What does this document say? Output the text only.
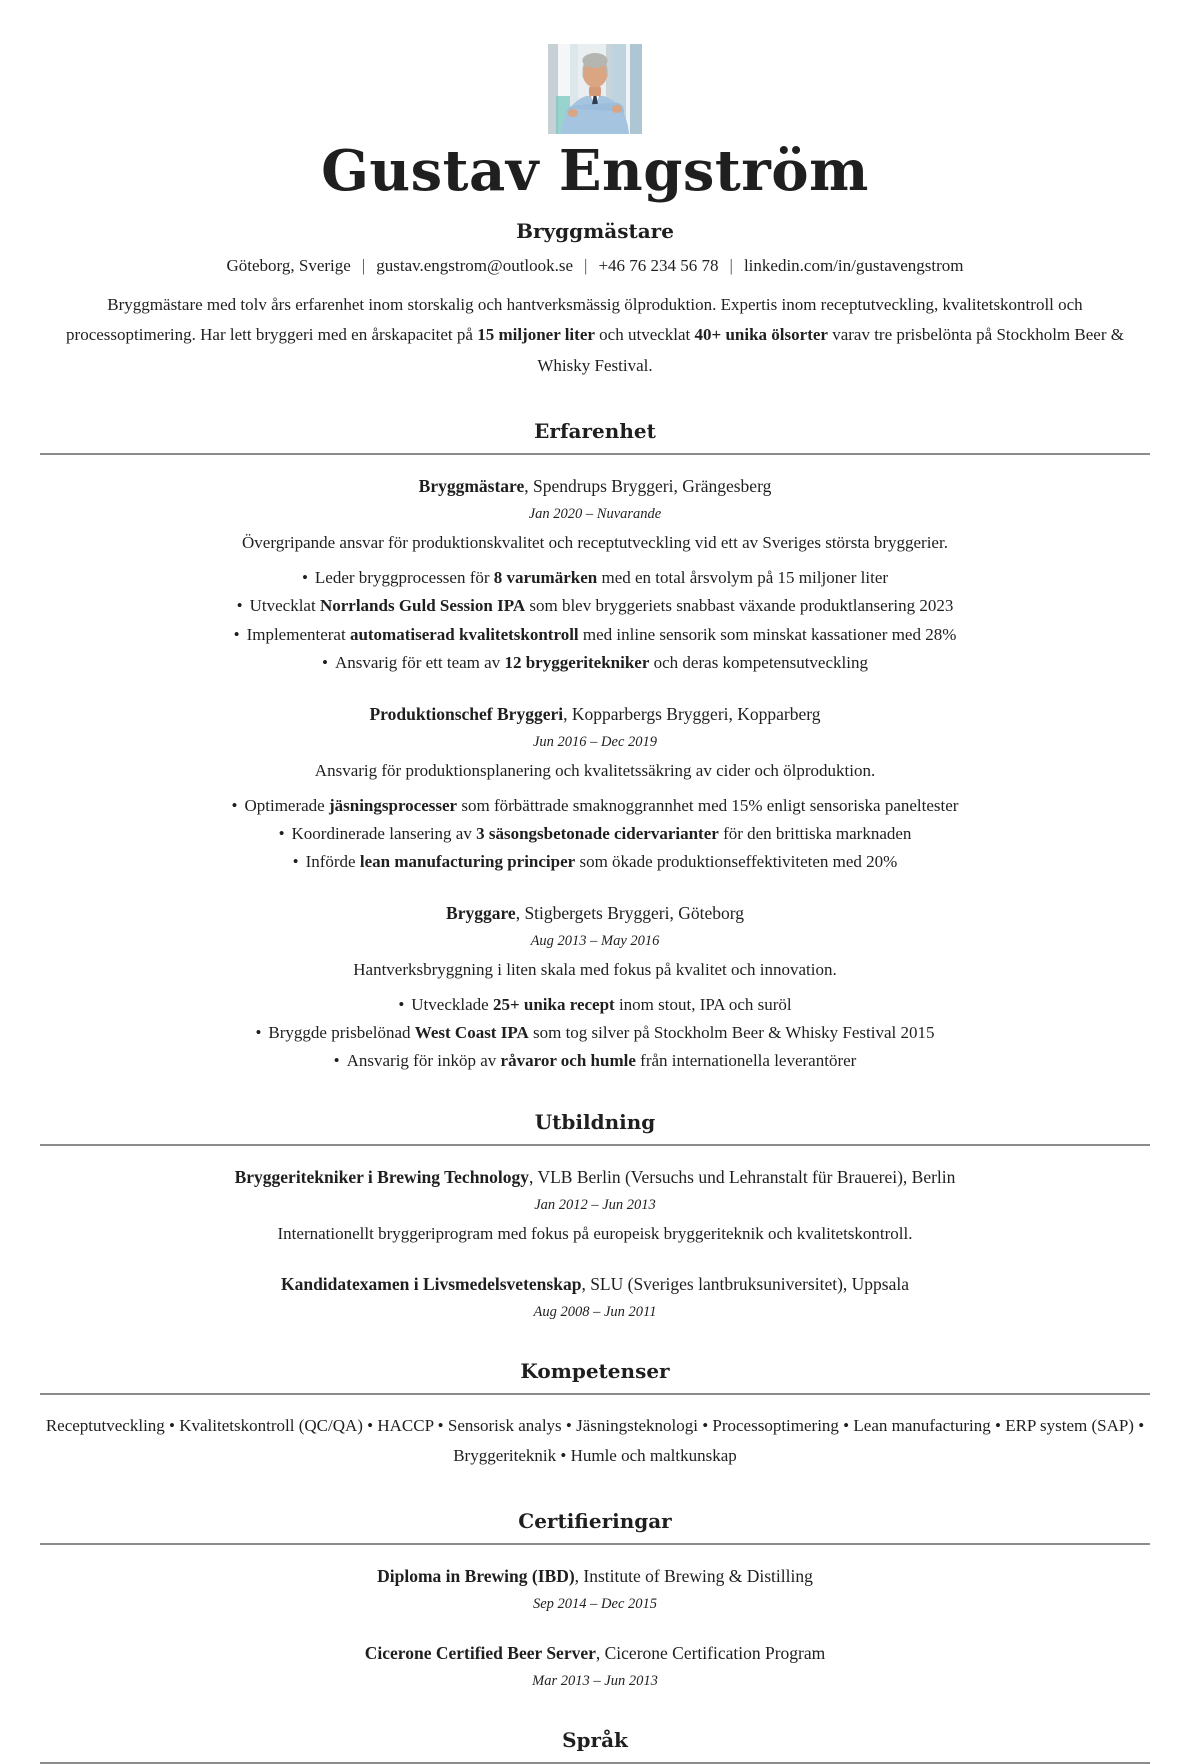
Gustav Engström
Bryggmästare
Göteborg, Sverige | gustav.engstrom@outlook.se | +46 76 234 56 78 | linkedin.com/in/gustavengstrom

Bryggmästare med tolv års erfarenhet inom storskalig och hantverksmässig ölproduktion. Expertis inom receptutveckling, kvalitetskontroll och processoptimering. Har lett bryggeri med en årskapacitet på 15 miljoner liter och utvecklat 40+ unika ölsorter varav tre prisbelönta på Stockholm Beer & Whisky Festival.

Erfarenhet

Bryggmästare, Spendrups Bryggeri, Grängesberg

Jan 2020 – Nuvarande

Övergripande ansvar för produktionskvalitet och receptutveckling vid ett av Sveriges största bryggerier.

• Leder bryggprocessen för 8 varumärken med en total årsvolym på 15 miljoner liter
• Utvecklat Norrlands Guld Session IPA som blev bryggeriets snabbast växande produktlansering 2023
• Implementerat automatiserad kvalitetskontroll med inline sensorik som minskat kassationer med 28%
• Ansvarig för ett team av 12 bryggeritekniker och deras kompetensutveckling

Produktionschef Bryggeri, Kopparbergs Bryggeri, Kopparberg

Jun 2016 – Dec 2019

Ansvarig för produktionsplanering och kvalitetssäkring av cider och ölproduktion.

• Optimerade jäsningsprocesser som förbättrade smaknoggrannhet med 15% enligt sensoriska paneltester
• Koordinerade lansering av 3 säsongsbetonade cidervarianter för den brittiska marknaden
• Införde lean manufacturing principer som ökade produktionseffektiviteten med 20%

Bryggare, Stigbergets Bryggeri, Göteborg

Aug 2013 – May 2016

Hantverksbryggning i liten skala med fokus på kvalitet och innovation.

• Utvecklade 25+ unika recept inom stout, IPA och suröl
• Bryggde prisbelönad West Coast IPA som tog silver på Stockholm Beer & Whisky Festival 2015
• Ansvarig för inköp av råvaror och humle från internationella leverantörer
Utbildning

Bryggeritekniker i Brewing Technology, VLB Berlin (Versuchs und Lehranstalt für Brauerei), Berlin

Jan 2012 – Jun 2013

Internationellt bryggeriprogram med fokus på europeisk bryggeriteknik och kvalitetskontroll.

Kandidatexamen i Livsmedelsvetenskap, SLU (Sveriges lantbruksuniversitet), Uppsala

Aug 2008 – Jun 2011

Kompetenser

Receptutveckling • Kvalitetskontroll (QC/QA) • HACCP • Sensorisk analys • Jäsningsteknologi • Processoptimering • Lean manufacturing • ERP system (SAP) • Bryggeriteknik • Humle och maltkunskap

Certifieringar

Diploma in Brewing (IBD), Institute of Brewing & Distilling

Sep 2014 – Dec 2015

Cicerone Certified Beer Server, Cicerone Certification Program

Mar 2013 – Jun 2013

Språk
